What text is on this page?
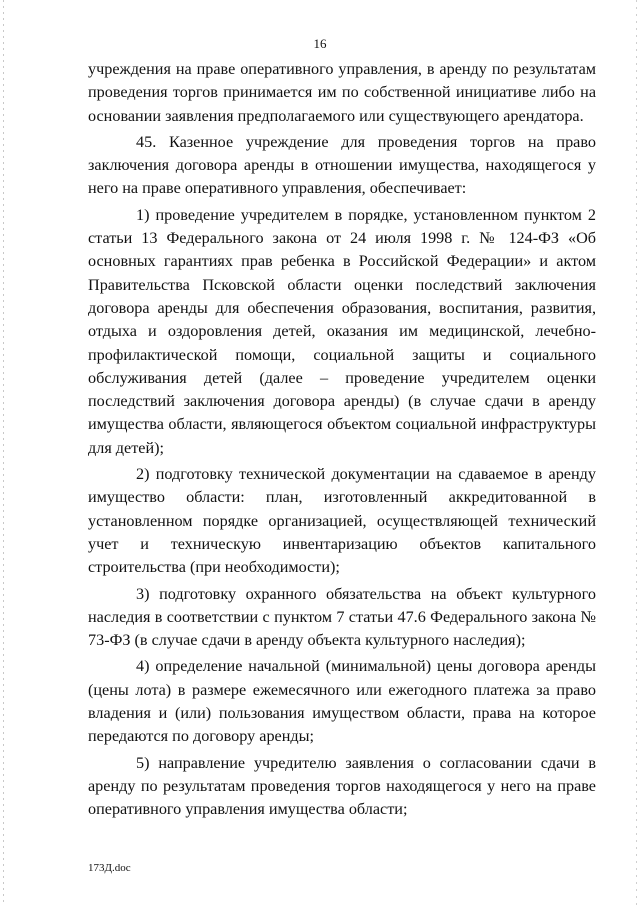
16

учреждения на праве оперативного управления, в аренду по результатам проведения торгов принимается им по собственной инициативе либо на основании заявления предполагаемого или существующего арендатора.

45. Казенное учреждение для проведения торгов на право заключения договора аренды в отношении имущества, находящегося у него на праве оперативного управления, обеспечивает:

1) проведение учредителем в порядке, установленном пунктом 2 статьи 13 Федерального закона от 24 июля 1998 г. № 124-ФЗ «Об основных гарантиях прав ребенка в Российской Федерации» и актом Правительства Псковской области оценки последствий заключения договора аренды для обеспечения образования, воспитания, развития, отдыха и оздоровления детей, оказания им медицинской, лечебно-профилактической помощи, социальной защиты и социального обслуживания детей (далее – проведение учредителем оценки последствий заключения договора аренды) (в случае сдачи в аренду имущества области, являющегося объектом социальной инфраструктуры для детей);

2) подготовку технической документации на сдаваемое в аренду имущество области: план, изготовленный аккредитованной в установленном порядке организацией, осуществляющей технический учет и техническую инвентаризацию объектов капитального строительства (при необходимости);

3) подготовку охранного обязательства на объект культурного наследия в соответствии с пунктом 7 статьи 47.6 Федерального закона № 73-ФЗ (в случае сдачи в аренду объекта культурного наследия);

4) определение начальной (минимальной) цены договора аренды (цены лота) в размере ежемесячного или ежегодного платежа за право владения и (или) пользования имуществом области, права на которое передаются по договору аренды;

5) направление учредителю заявления о согласовании сдачи в аренду по результатам проведения торгов находящегося у него на праве оперативного управления имущества области;

173Д.doc
